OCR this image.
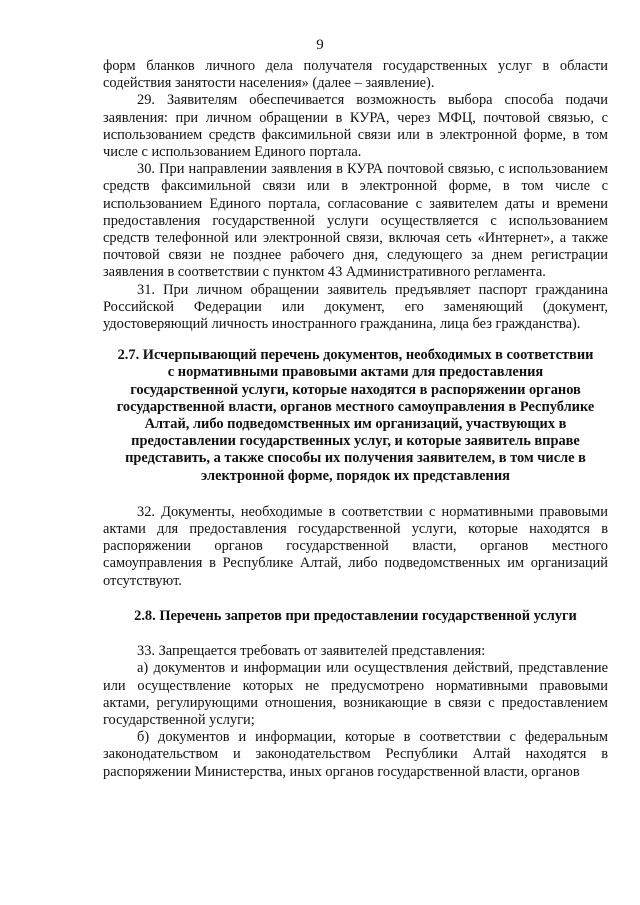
9

форм бланков личного дела получателя государственных услуг в области содействия занятости населения» (далее – заявление).

29. Заявителям обеспечивается возможность выбора способа подачи заявления: при личном обращении в КУРА, через МФЦ, почтовой связью, с использованием средств факсимильной связи или в электронной форме, в том числе с использованием Единого портала.

30. При направлении заявления в КУРА почтовой связью, с использованием средств факсимильной связи или в электронной форме, в том числе с использованием Единого портала, согласование с заявителем даты и времени предоставления государственной услуги осуществляется с использованием средств телефонной или электронной связи, включая сеть «Интернет», а также почтовой связи не позднее рабочего дня, следующего за днем регистрации заявления в соответствии с пунктом 43 Административного регламента.

31. При личном обращении заявитель предъявляет паспорт гражданина Российской Федерации или документ, его заменяющий (документ, удостоверяющий личность иностранного гражданина, лица без гражданства).

2.7. Исчерпывающий перечень документов, необходимых в соответствии с нормативными правовыми актами для предоставления государственной услуги, которые находятся в распоряжении органов государственной власти, органов местного самоуправления в Республике Алтай, либо подведомственных им организаций, участвующих в предоставлении государственных услуг, и которые заявитель вправе представить, а также способы их получения заявителем, в том числе в электронной форме, порядок их представления

32. Документы, необходимые в соответствии с нормативными правовыми актами для предоставления государственной услуги, которые находятся в распоряжении органов государственной власти, органов местного самоуправления в Республике Алтай, либо подведомственных им организаций отсутствуют.

2.8. Перечень запретов при предоставлении государственной услуги

33. Запрещается требовать от заявителей представления:

а) документов и информации или осуществления действий, представление или осуществление которых не предусмотрено нормативными правовыми актами, регулирующими отношения, возникающие в связи с предоставлением государственной услуги;

б) документов и информации, которые в соответствии с федеральным законодательством и законодательством Республики Алтай находятся в распоряжении Министерства, иных органов государственной власти, органов
